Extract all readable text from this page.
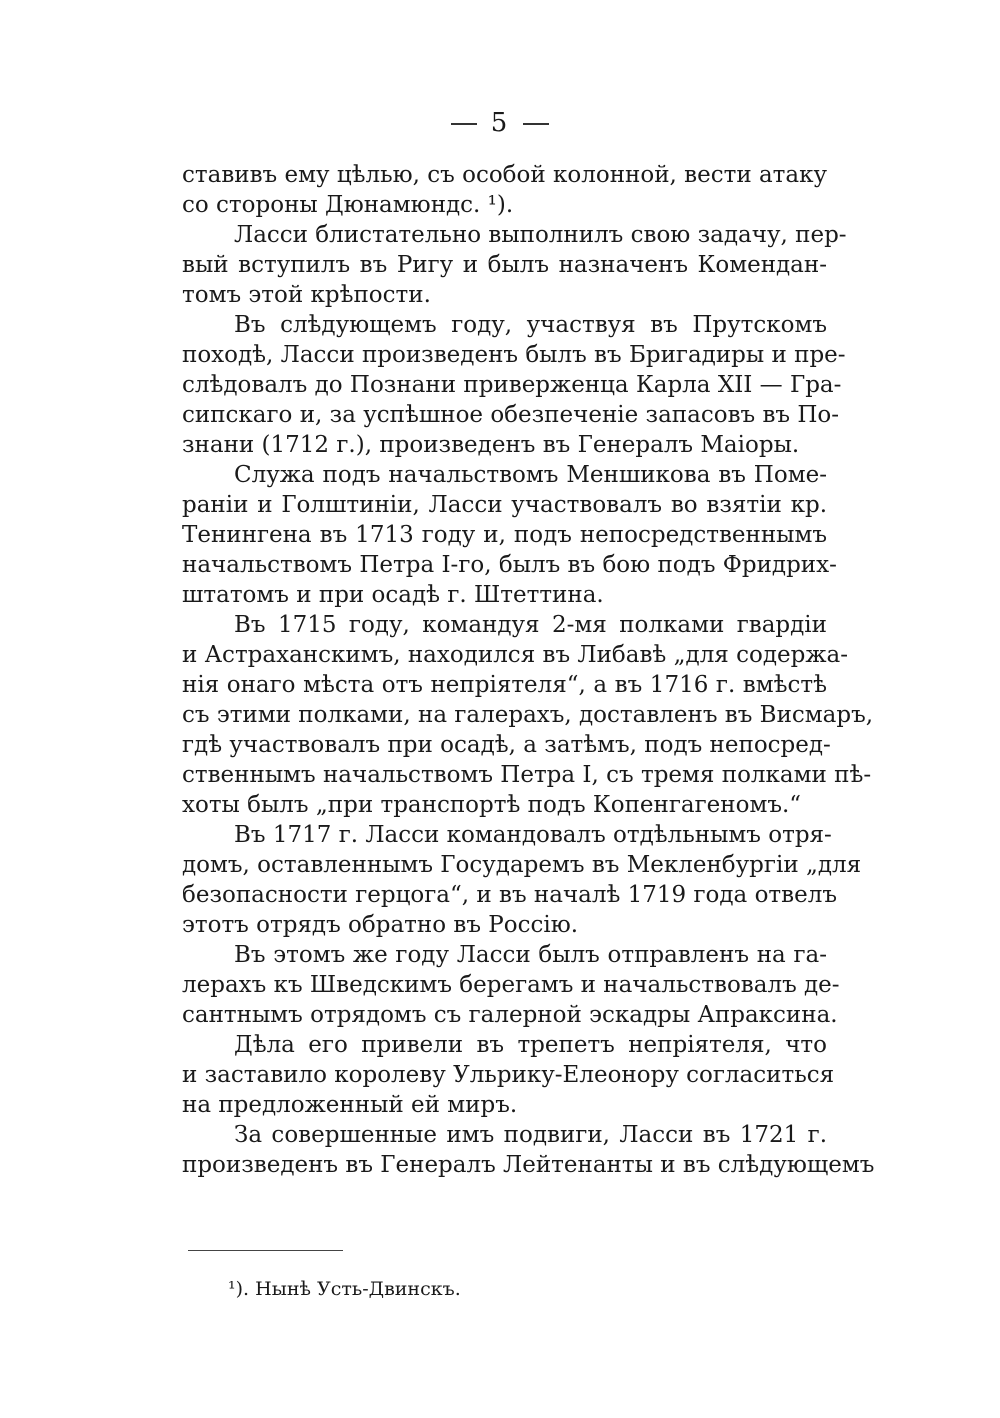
5
ставивъ ему цѣлью, съ особой колонной, вести атаку
со стороны Дюнамюндс. ¹).
Ласси блистательно выполнилъ свою задачу, пер-
вый вступилъ въ Ригу и былъ назначенъ Комендан-
томъ этой крѣпости.
Въ слѣдующемъ году, участвуя въ Прутскомъ
походѣ, Ласси произведенъ былъ въ Бригадиры и пре-
слѣдовалъ до Познани приверженца Карла XII — Гра-
сипскаго и, за успѣшное обезпеченіе запасовъ въ По-
знани (1712 г.), произведенъ въ Генералъ Маіоры.
Служа подъ начальствомъ Меншикова въ Поме-
раніи и Голштиніи, Ласси участвовалъ во взятіи кр.
Тенингена въ 1713 году и, подъ непосредственнымъ
начальствомъ Петра I-го, былъ въ бою подъ Фридрих-
штатомъ и при осадѣ г. Штеттина.
Въ 1715 году, командуя 2-мя полками гвардіи
и Астраханскимъ, находился въ Либавѣ „для содержа-
нія онаго мѣста отъ непріятеля“, а въ 1716 г. вмѣстѣ
съ этими полками, на галерахъ, доставленъ въ Висмаръ,
гдѣ участвовалъ при осадѣ, а затѣмъ, подъ непосред-
ственнымъ начальствомъ Петра I, съ тремя полками пѣ-
хоты былъ „при транспортѣ подъ Копенгагеномъ.“
Въ 1717 г. Ласси командовалъ отдѣльнымъ отря-
домъ, оставленнымъ Государемъ въ Мекленбургіи „для
безопасности герцога“, и въ началѣ 1719 года отвелъ
этотъ отрядъ обратно въ Россію.
Въ этомъ же году Ласси былъ отправленъ на га-
лерахъ къ Шведскимъ берегамъ и начальствовалъ де-
сантнымъ отрядомъ съ галерной эскадры Апраксина.
Дѣла его привели въ трепетъ непріятеля, что
и заставило королеву Ульрику-Елеонору согласиться
на предложенный ей миръ.
За совершенные имъ подвиги, Ласси въ 1721 г.
произведенъ въ Генералъ Лейтенанты и въ слѣдующемъ
¹). Нынѣ Усть-Двинскъ.
